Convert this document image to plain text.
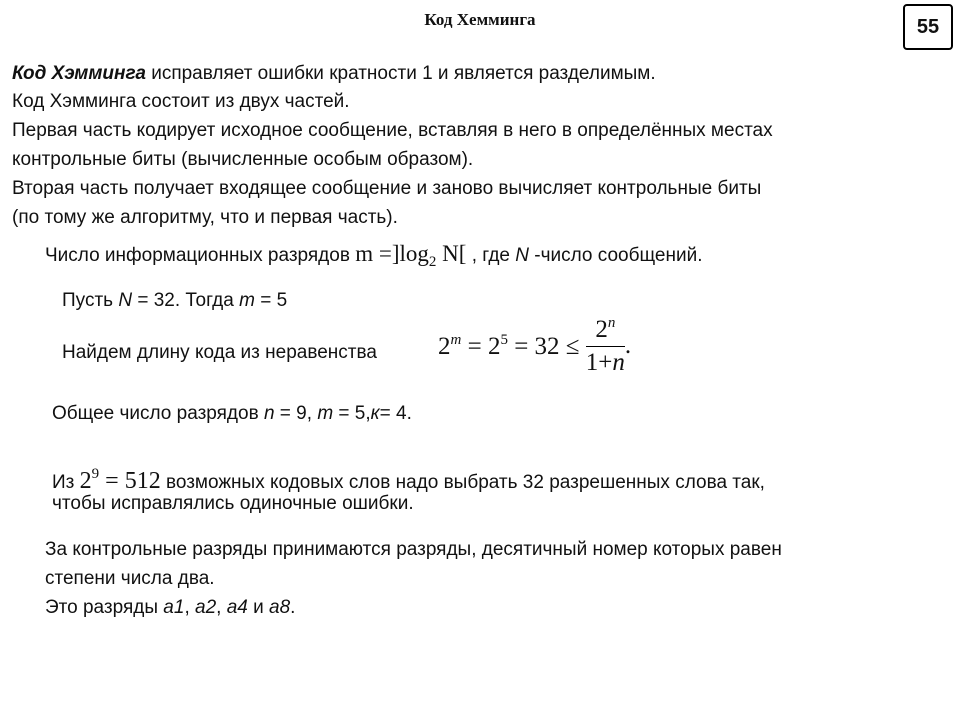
Код Хемминга	55
Код Хэмминга исправляет ошибки кратности 1 и является разделимым.
Код Хэмминга состоит из двух частей.
Первая часть кодирует исходное сообщение, вставляя в него в определённых местах
контрольные биты (вычисленные особым образом).
Вторая часть получает входящее сообщение и заново вычисляет контрольные биты
(по тому же алгоритму, что и первая часть).
Число информационных разрядов $m =]\log_2$ N[ , где N -число сообщений.
Пусть N = 32. Тогда m = 5
Найдем длину кода из неравенства $2^m = 2^5 = 32 \le \frac{2^n}{1+n}$ .
Общее число разрядов n = 9, m = 5,к= 4.
Из $2^9 = 512$ возможных кодовых слов надо выбрать 32 разрешенных слова так,
чтобы исправлялись одиночные ошибки.
За контрольные разряды принимаются разряды, десятичный номер которых равен
степени числа два.
Это разряды а1, а2, а4 и а8.
